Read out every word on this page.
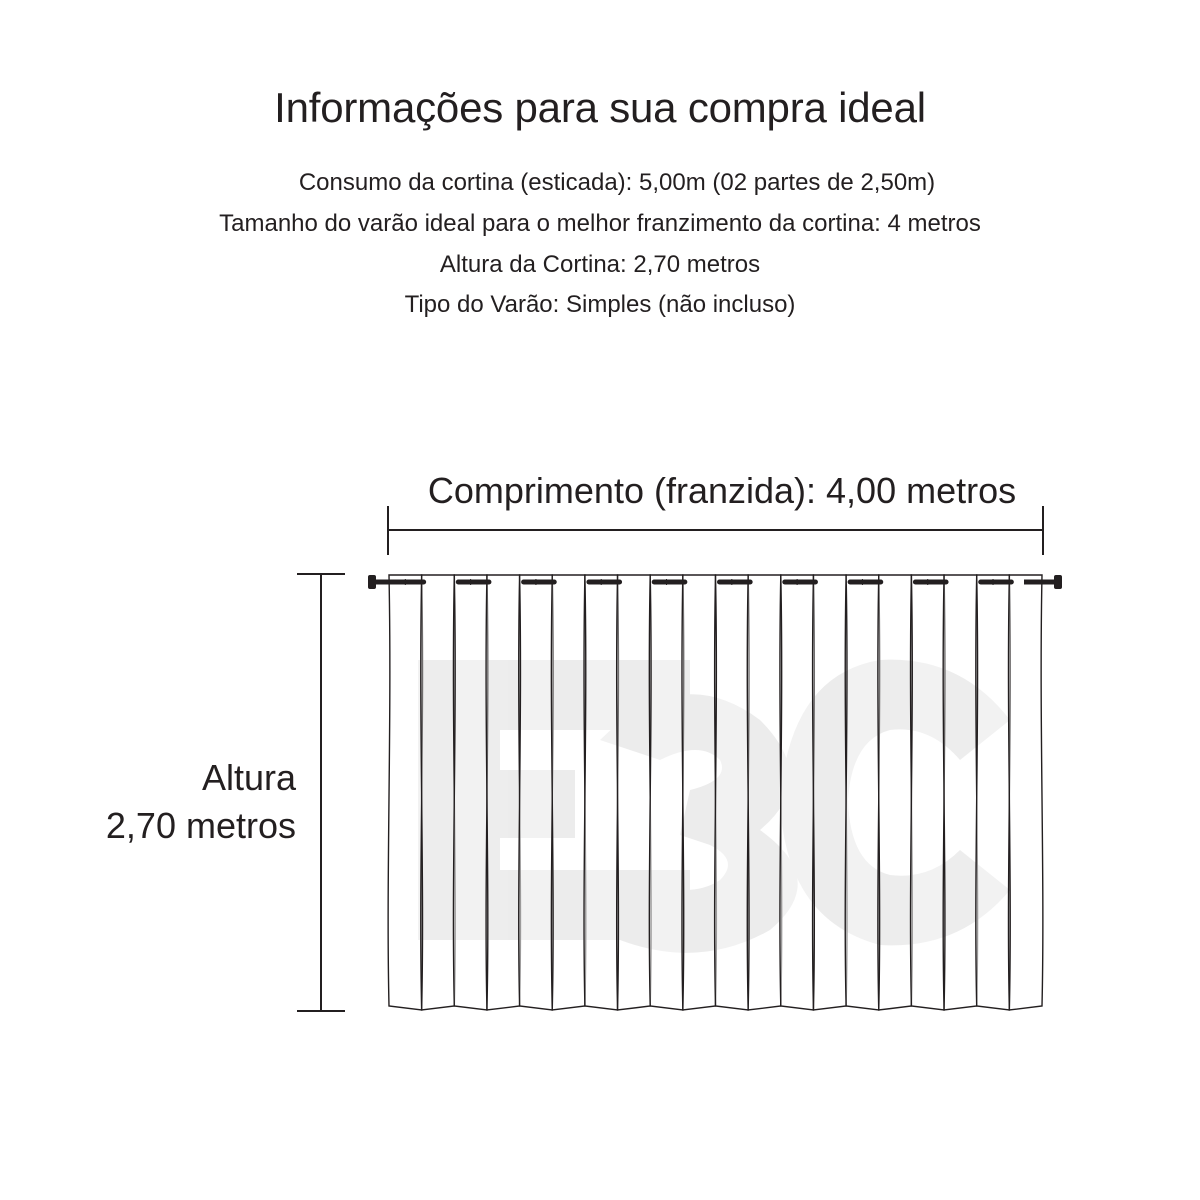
Informações para sua compra ideal
Consumo da cortina (esticada): 5,00m (02 partes de 2,50m)
Tamanho do varão ideal para o melhor franzimento da cortina: 4 metros
Altura da Cortina: 2,70 metros
Tipo do Varão: Simples (não incluso)
Comprimento (franzida): 4,00 metros
Altura
2,70 metros
